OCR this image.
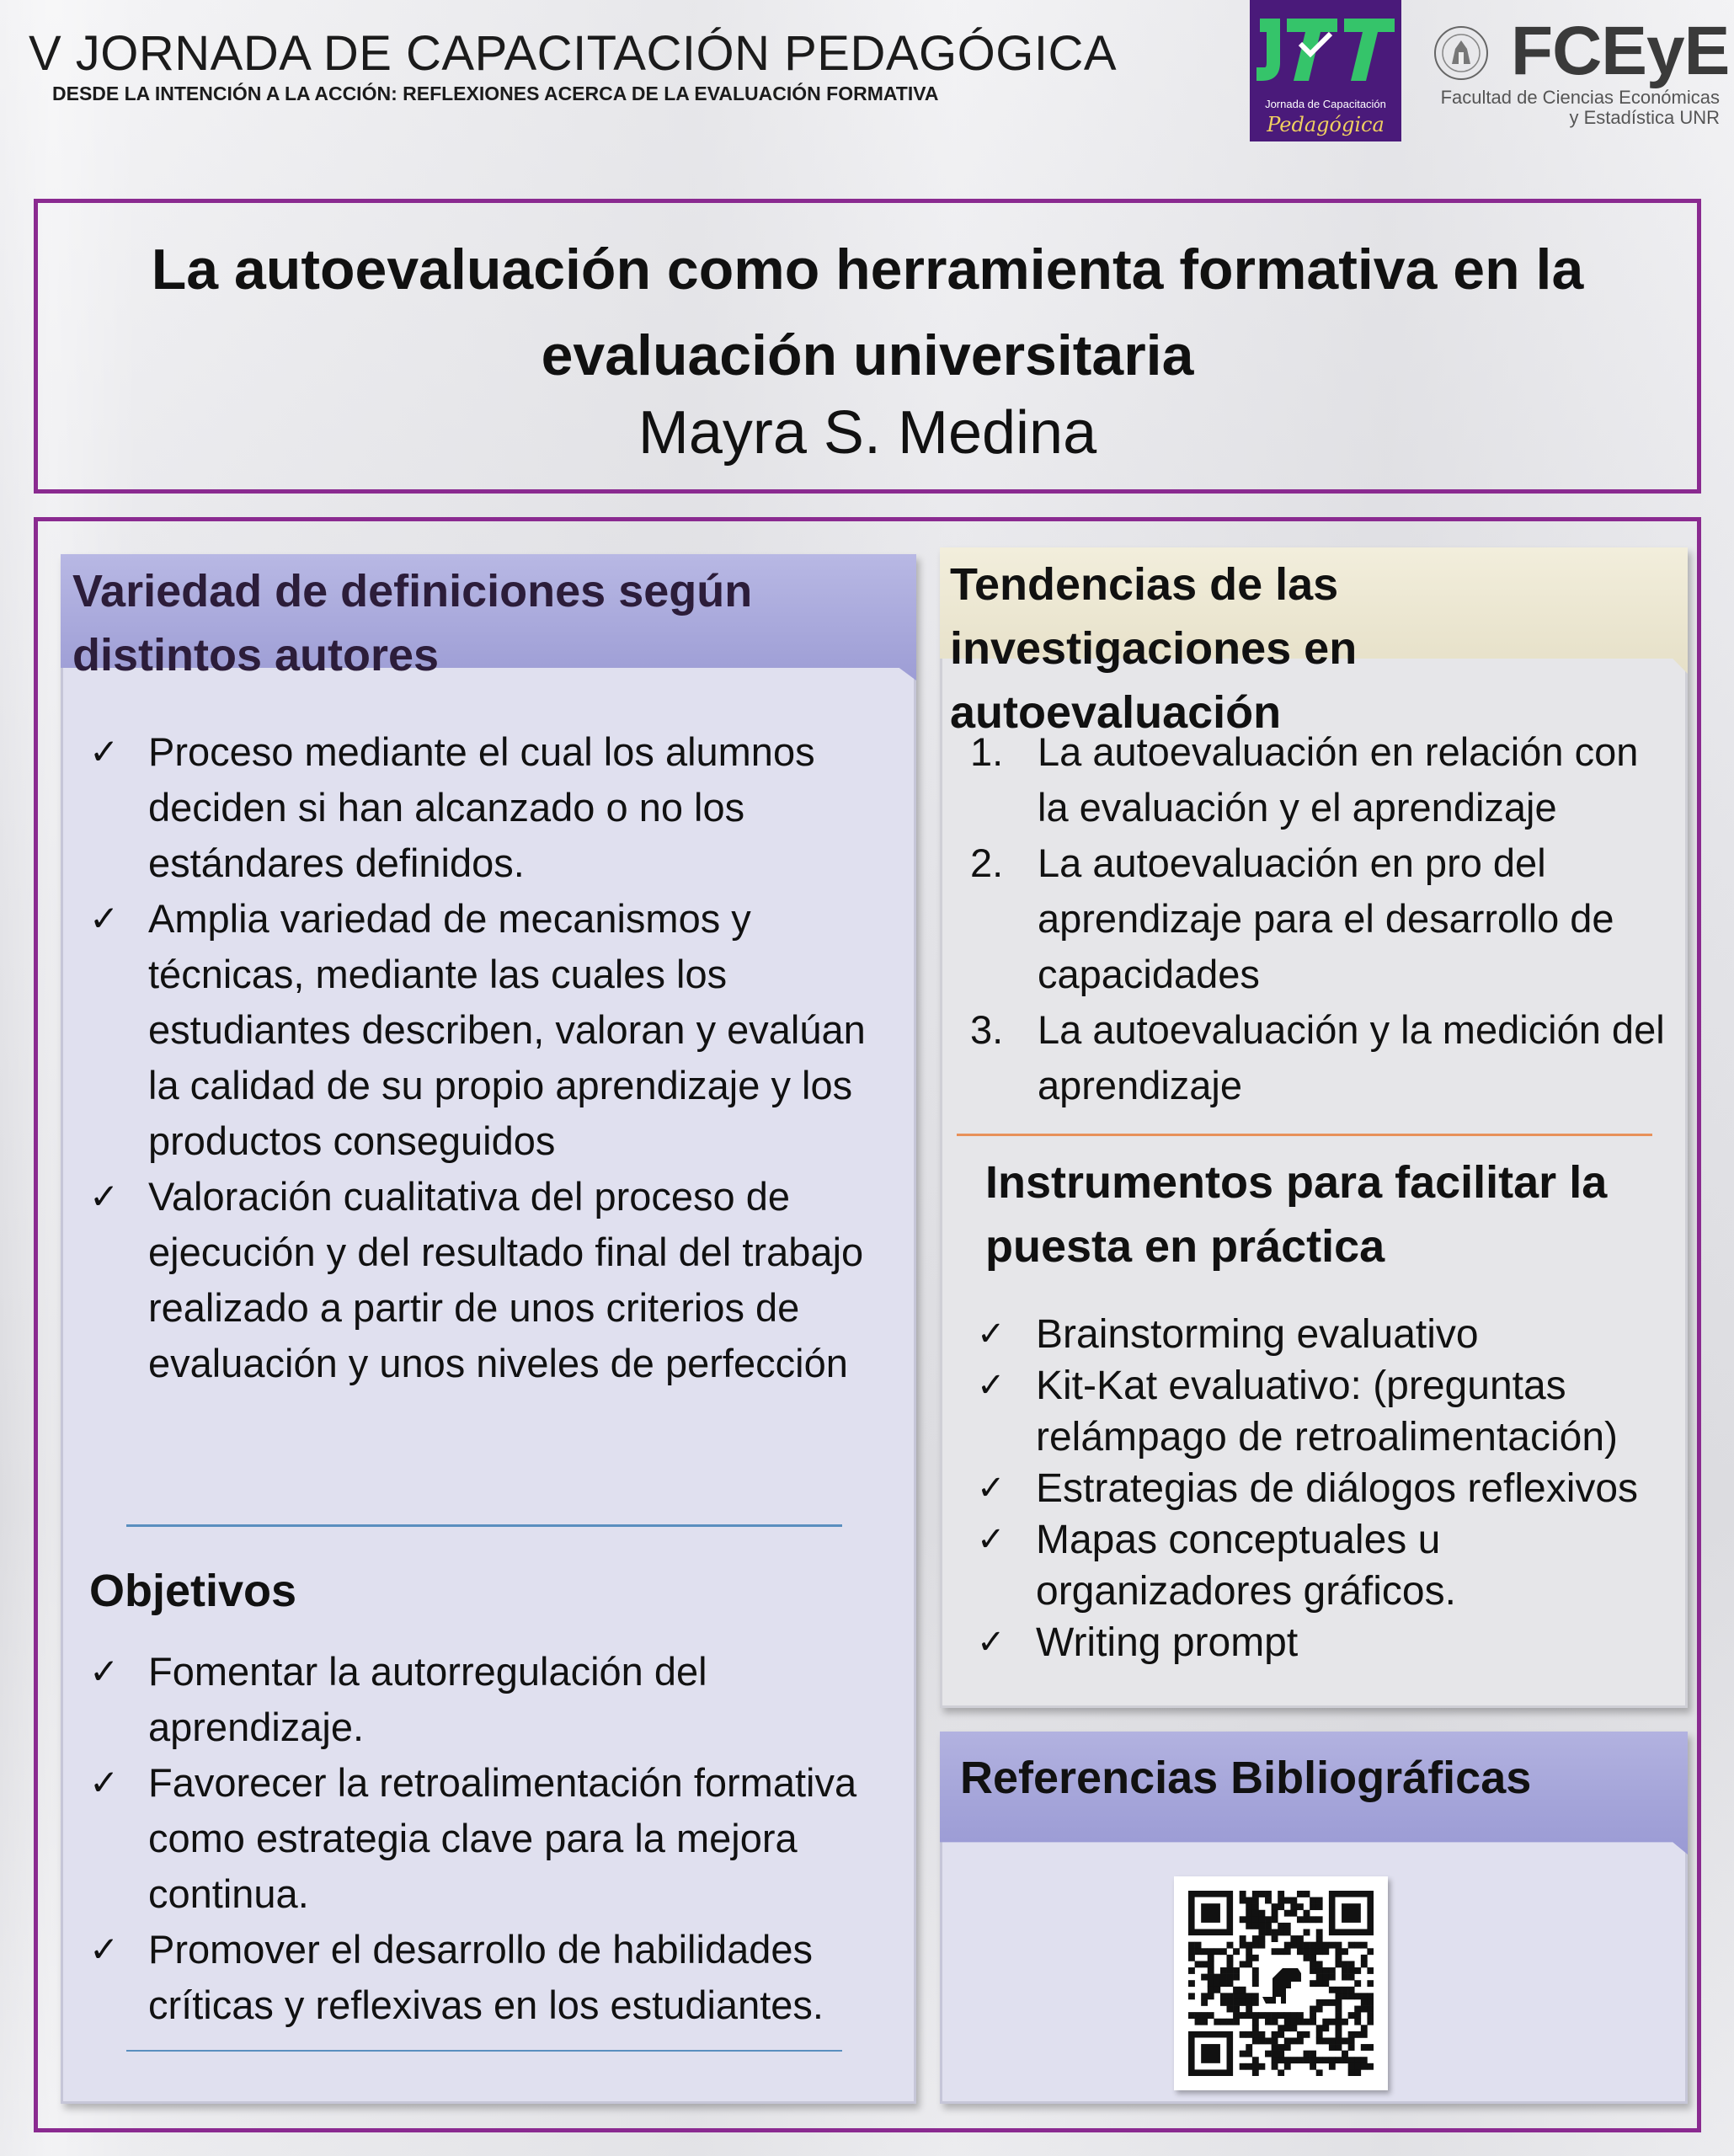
V JORNADA DE CAPACITACIÓN PEDAGÓGICA
DESDE LA INTENCIÓN A LA ACCIÓN: REFLEXIONES ACERCA DE LA EVALUACIÓN FORMATIVA	Jornada de Capacitación
Pedagógica
FCEyE
Facultad de Ciencias Económicas
y Estadística UNR
La autoevaluación como herramienta formativa en la evaluación universitaria
Mayra S. Medina
Variedad de definiciones según distintos autores
✓ Proceso mediante el cual los alumnos deciden si han alcanzado o no los estándares definidos.
✓ Amplia variedad de mecanismos y técnicas, mediante las cuales los estudiantes describen, valoran y evalúan la calidad de su propio aprendizaje y los productos conseguidos
✓ Valoración cualitativa del proceso de ejecución y del resultado final del trabajo realizado a partir de unos criterios de evaluación y unos niveles de perfección
Objetivos
✓ Fomentar la autorregulación del aprendizaje.
✓ Favorecer la retroalimentación formativa como estrategia clave para la mejora continua.
✓ Promover el desarrollo de habilidades críticas y reflexivas en los estudiantes.
Tendencias de las investigaciones en autoevaluación
1. La autoevaluación en relación con la evaluación y el aprendizaje
2. La autoevaluación en pro del aprendizaje para el desarrollo de capacidades
3. La autoevaluación y la medición del aprendizaje
Instrumentos para facilitar la puesta en práctica
✓ Brainstorming evaluativo
✓ Kit-Kat evaluativo: (preguntas relámpago de retroalimentación)
✓ Estrategias de diálogos reflexivos
✓ Mapas conceptuales u organizadores gráficos.
✓ Writing prompt
Referencias Bibliográficas
